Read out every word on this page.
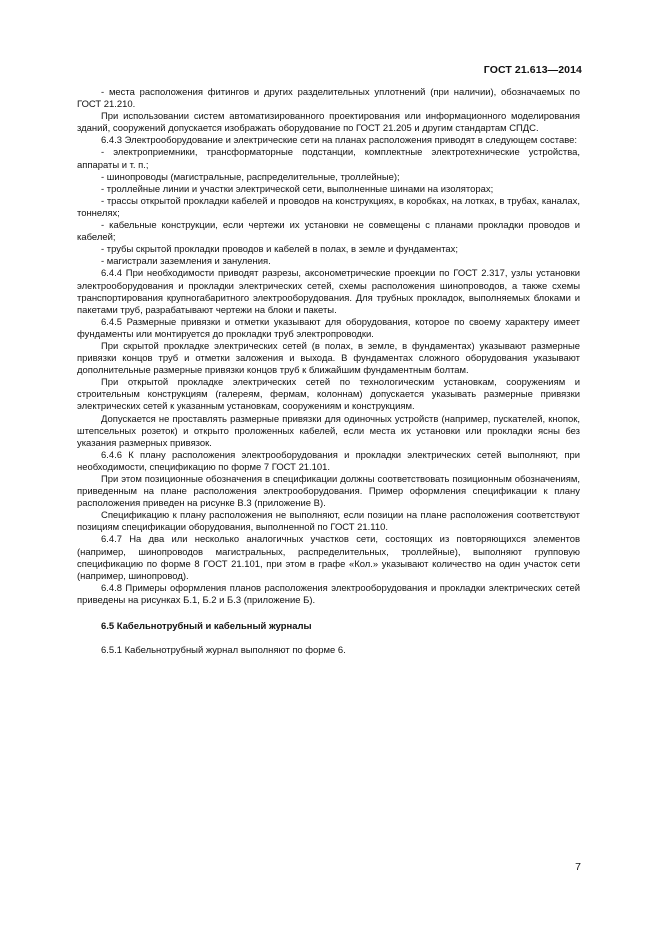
ГОСТ 21.613—2014

- места расположения фитингов и других разделительных уплотнений (при наличии), обозначаемых по ГОСТ 21.210.

При использовании систем автоматизированного проектирования или информационного моделирования зданий, сооружений допускается изображать оборудование по ГОСТ 21.205 и другим стандартам СПДС.

6.4.3 Электрооборудование и электрические сети на планах расположения приводят в следующем составе:

- электроприемники, трансформаторные подстанции, комплектные электротехнические устройства, аппараты и т. п.;

- шинопроводы (магистральные, распределительные, троллейные);

- троллейные линии и участки электрической сети, выполненные шинами на изоляторах;

- трассы открытой прокладки кабелей и проводов на конструкциях, в коробках, на лотках, в трубах, каналах, тоннелях;

- кабельные конструкции, если чертежи их установки не совмещены с планами прокладки проводов и кабелей;

- трубы скрытой прокладки проводов и кабелей в полах, в земле и фундаментах;

- магистрали заземления и зануления.

6.4.4 При необходимости приводят разрезы, аксонометрические проекции по ГОСТ 2.317, узлы установки электрооборудования и прокладки электрических сетей, схемы расположения шинопроводов, а также схемы транспортирования крупногабаритного электрооборудования. Для трубных прокладок, выполняемых блоками и пакетами труб, разрабатывают чертежи на блоки и пакеты.

6.4.5 Размерные привязки и отметки указывают для оборудования, которое по своему характеру имеет фундаменты или монтируется до прокладки труб электропроводки.

При скрытой прокладке электрических сетей (в полах, в земле, в фундаментах) указывают размерные привязки концов труб и отметки заложения и выхода. В фундаментах сложного оборудования указывают дополнительные размерные привязки концов труб к ближайшим фундаментным болтам.

При открытой прокладке электрических сетей по технологическим установкам, сооружениям и строительным конструкциям (галереям, фермам, колоннам) допускается указывать размерные привязки электрических сетей к указанным установкам, сооружениям и конструкциям.

Допускается не проставлять размерные привязки для одиночных устройств (например, пускателей, кнопок, штепсельных розеток) и открыто проложенных кабелей, если места их установки или прокладки ясны без указания размерных привязок.

6.4.6 К плану расположения электрооборудования и прокладки электрических сетей выполняют, при необходимости, спецификацию по форме 7 ГОСТ 21.101.

При этом позиционные обозначения в спецификации должны соответствовать позиционным обозначениям, приведенным на плане расположения электрооборудования. Пример оформления спецификации к плану расположения приведен на рисунке В.3 (приложение В).

Спецификацию к плану расположения не выполняют, если позиции на плане расположения соответствуют позициям спецификации оборудования, выполненной по ГОСТ 21.110.

6.4.7 На два или несколько аналогичных участков сети, состоящих из повторяющихся элементов (например, шинопроводов магистральных, распределительных, троллейные), выполняют групповую спецификацию по форме 8 ГОСТ 21.101, при этом в графе «Кол.» указывают количество на один участок сети (например, шинопровод).

6.4.8 Примеры оформления планов расположения электрооборудования и прокладки электрических сетей приведены на рисунках Б.1, Б.2 и Б.3 (приложение Б).

6.5 Кабельнотрубный и кабельный журналы

6.5.1 Кабельнотрубный журнал выполняют по форме 6.

7
